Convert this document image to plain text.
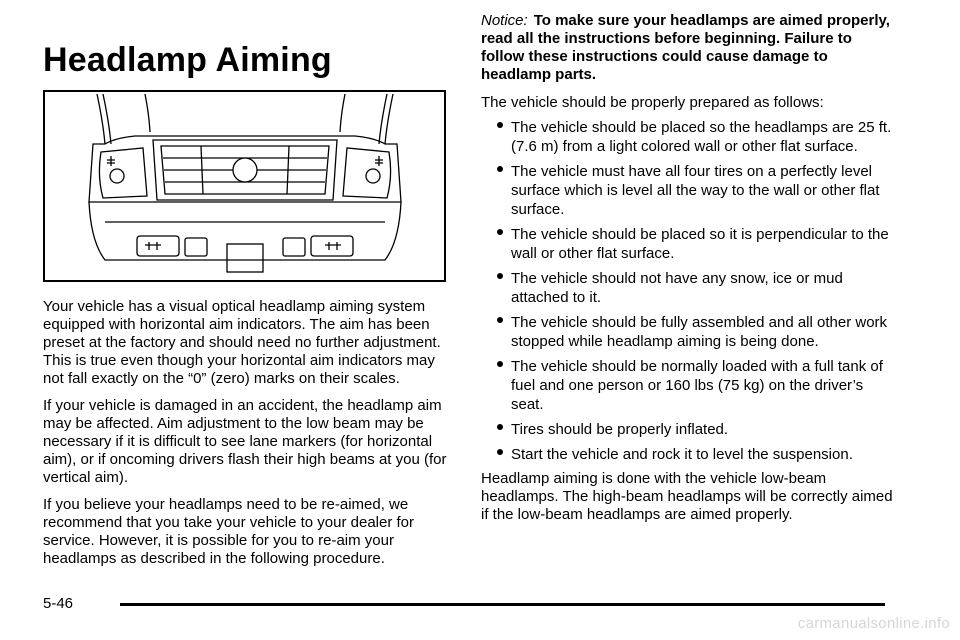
Headlamp Aiming

Your vehicle has a visual optical headlamp aiming system equipped with horizontal aim indicators. The aim has been preset at the factory and should need no further adjustment. This is true even though your horizontal aim indicators may not fall exactly on the “0” (zero) marks on their scales.

If your vehicle is damaged in an accident, the headlamp aim may be affected. Aim adjustment to the low beam may be necessary if it is difficult to see lane markers (for horizontal aim), or if oncoming drivers flash their high beams at you (for vertical aim).

If you believe your headlamps need to be re-aimed, we recommend that you take your vehicle to your dealer for service. However, it is possible for you to re-aim your headlamps as described in the following procedure.

Notice: To make sure your headlamps are aimed properly, read all the instructions before beginning. Failure to follow these instructions could cause damage to headlamp parts.

The vehicle should be properly prepared as follows:

The vehicle should be placed so the headlamps are 25 ft. (7.6 m) from a light colored wall or other flat surface.
The vehicle must have all four tires on a perfectly level surface which is level all the way to the wall or other flat surface.
The vehicle should be placed so it is perpendicular to the wall or other flat surface.
The vehicle should not have any snow, ice or mud attached to it.
The vehicle should be fully assembled and all other work stopped while headlamp aiming is being done.
The vehicle should be normally loaded with a full tank of fuel and one person or 160 lbs (75 kg) on the driver’s seat.
Tires should be properly inflated.
Start the vehicle and rock it to level the suspension.

Headlamp aiming is done with the vehicle low-beam headlamps. The high-beam headlamps will be correctly aimed if the low-beam headlamps are aimed properly.

5-46
carmanualsonline.info
